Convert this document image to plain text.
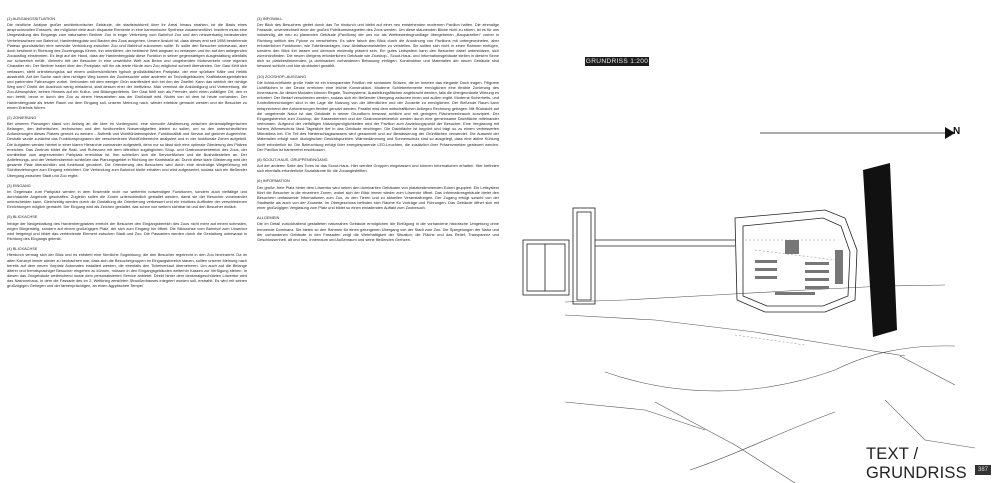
(1) AUSGANGSSITUATION
Die deutliche Analyse großer architektonischer Gebäude, die stadtstrukturell über ihr Areal hinaus strahlen, ist die Basis eines anspruchsvollen Entwurfs, der möglichst viele auch disparate Elemente in eine harmonische Synthese zusammenführt. Insofern muss eine Umgestaltung des Eingangs zum naturnahen Berliner Zoo in enger Vertretung vom Bahnhof Zoo und den netzwerkartig bedeutenden Verkehrsachsen von Bahnhof, Hardenbergplatz und Bauten des Zoos ausgehen. Unsere Ansicht ist, dass dieses erst seit 1958 bestehende Plateau grundsätzlich eine wertvolle Verbindung zwischen Zoo und Bahnhof zukommen sollte. Er sollte den Besucher unbewusst, aber doch bestimmt in Richtung des Zooeingangs führen, ihn orientieren, der hektische Welt langsam zu verlassen und ihn auf den anliegenden Zooausflug einstimmen. Es liegt auf der Hand, dass der Hardenbergplatz diese Funktion in seiner gegenwärtigen Ausgestaltung allenfalls nur schwerlich erfüllt. Vielmehr tritt der Besucher in eine unwirtliche Welt aus Beton und umgebenden Motorverkehr ohne eigenen Charakter ein. Der Berliner hastet über den Parkplatz; will ihn als letzte Hürde zum Zoo möglichst schnell überwinden. Der Gast fühlt sich verlassen, steht orientierungslos auf einem unübersichtlichen typisch großstädtischen Parkplatz, der eine spürbare Kälte und Hektik ausstrahlt. Auf der Suche nach dem richtigen Weg kommt der Zoobesucher unter anderem an Technikgebäuden, Kraftfahrzeugeinfahrten und parkenden Fahrzeugen vorbei. Verbunden mit dem weniger Grün manifestiert sich bei ihm der Zweifel: Kann das wirklich der richtige Weg sein? Direkt der Ausdruck wenig einladend, statt dessen eher der Ineffizienz. Man vermisst die Ankündigung und Vorbereitung, die Zoo-Atmosphäre, keinen Hinweis auf ein Kultur- und Bildungserlebnis. Der Gast fühlt sich als Fremder, sieht einen zufälligen Ort, den er nun betritt, bevor er durch den Zoo zu einem Heraustreten aus der Großstadt wird. Nichts von all dem ist heute vorhanden. Der Hardenbergplatz als letzter Raum vor dem Eingang soll, unserer Meinung nach, wieder erlebbar gemacht werden und die Besucher zu einem Erlebnis führen.
(2) ZONIERUNG
Bei unseren Planungen stand von Anfang an die Idee im Vordergrund, eine sinnvolle Abstimmung zwischen denkmalpflegerischen Belangen, den ästhetischen, technischen und den funktionellen Notwendigkeiten leisten zu sollen, um so den unterschiedlichen Anforderungen dieses Platzes gerecht zu werden – Ästhetik und Wohlfühlatmosphäre, Funktionalität und Service auf gleicher Augenhöhe. Deshalb wurde zunächst das Funktionsprogramm der verschiedenen Wohlfühlbereiche analysiert und in vier funktionale Zonen aufgeteilt. Die Aufgaben werden hierbei in einer klaren Hierarchie zueinander aufgestellt, denn nur so lässt sich eine optimale Gliederung des Platzes erreichen. Das Zentrum bildet die Rast- und Ruhezone mit dem öffentlich zugänglichen Shop- und Gastronomiebereich des Zoos, der unmittelbar vom angrenzenden Parkplatz erreichbar ist. Ihm schließen sich die Serviceflächen und die Bushaltestellen an. Der Anlieferungs- und der Verkehrsbereich schließen das Planungsgebiet in Richtung der Kantstraße ab. Durch diese klare Gliederung wird der gesamte Platz übersichtlich und funktional geordnet. Die Orientierung des Besuchers wird durch eine eindeutige Wegeführung mit Sichtbeziehungen zum Eingang erleichtert. Die Verbindung zum Bahnhof bleibt erhalten und wird aufgewertet, sodass sich ein fließender Übergang zwischen Stadt und Zoo ergibt.
(3) EINGANG
Im Gegensatz zum Parkplatz werden in dem Ensemble nicht nur weiterhin notwendigen Funktionen, sondern auch vielfältige und durchdachte Angebote geschaffen. Zugleich sollen die Zonen unterschiedlich gestaltet werden, damit sie der Besucher voneinander unterscheiden kann. Gleichzeitig werden durch die Gestaltung die Orientierung verbessert und ein intuitives Auffinden der verschiedenen Einrichtungen möglich gemacht. Der Eingang wird als Zeichen gestaltet, das schon von weitem sichtbar ist und den Besucher einlädt.
(5) BLICKACHSE
Infolge der Neugestaltung des Hardenbergplatzes erreicht der Besucher den Eingangsbereich des Zoos nicht mehr auf einem schmalen, engen Bürgersteig, sondern auf einem großzügigen Platz, der sich zum Eingang hin öffnet. Die Blickachse vom Bahnhof zum Löwentor wird freigelegt und bildet das verbindende Element zwischen Stadt und Zoo. Die Passanten werden durch die Gestaltung unbewusst in Richtung des Eingangs gelenkt.
(4) BLICKACHSE
Hierdurch vermag sich der Blick und es entsteht eine förmliche Sogwirkung, die den Besucher regelrecht in den Zoo hineinzieht. Da im alten Konzept immer wieder zu beobachten war, dass sich die Besuchergruppen im Eingangsbereich stauen, sollten unserer Meinung nach bereits auf dem neuen Vorplatz Automaten installiert werden, die ebenfalls den Ticketverkauf übernehmen. Um auch auf die Belange älterer und fremdsprachiger Besucher eingehen zu können, müssen in den Eingangsgebäuden weiterhin Kassen zur Verfügung stehen. In diesen das Zoogebäude weitreichend sowie dem personalisierten Service anbietet. Direkt hinter dem denkmalgeschützten Löwentor wird das Nashornhaus, in dem die Fassade des im 2. Weltkrieg zerstörten Straußenhauses integriert worden soll, erstrahlt. Es wird mit seinen großzügigen Gehegen und der farbenprächtigen, an einen ägyptischen Tempel
(3) INFOWALL
Der Blick des Besuchers gleitet durch das Tor hindurch und bleibt auf einer neu entstehenden modernen Pavillon haften. Die einmalige Fassade, unverwechselt einer der großen Publikumsmagneten des Zoos werden. Um diese staunenden Blicke nicht zu stören, ist es für uns notwendig, die neu zu planenden Gebäude (Pavillons) der uns vor als Wettbewerbsgrundlage übergebenen „Bauparzellen“ vorher in Richtung seitlich des Pylone zu verschieben. Es wäre falsch den Blick durch die Anordnung von Pavillons mit untergeordneten, aber erforderlichen Funktionen, wie Toilettenanlagen, bzw. Abfallsammelstellen zu verstellen. Sie sollten sich nicht in einen Rahmen einfügen, sondern den Blick frei lassen und dennoch eindeutig präsent sein. Ein gutes Leitsystem kann den Besucher dabei unterstützen, sich zurechtzufinden. Die neuen übrigens erforderlichen Gebäude wie Zooshop-, Scout-Haus- und Informationsgebäude stellen in diesem Sinne dich so platzbestimmenden, ja dominanten vorhandenen Bebauung einfügen. Konstruktion und Materialien der neuen Gebäude sind bewusst schlicht und klar strukturiert gewählt.
(10) ZOOSHOP–AUSGANG
Die lichtdurchflutete große Halle ist ein transparenter Pavillon mit schlanken Stützen, die im Inneren das elegante Dach tragen. Filigrane Lichtflächen in der Decke erreichen eine leichte Konstruktion. Moderne Schiebeelemente ermöglichen eine flexible Zonierung des Innenraums. An diesen Modalen können Regale, Tischsysteme, Ausstellungsflächen angebracht werden, falls die übergeordnete Wirkung es erfordert. Der Bedarf verschieden werden, sodass sich ein fließender Übergang zwischen innen und außen ergibt. Moderne Sicherheits- und Kontrolleinrichtungen sind in der Lage die Nutzung von der öffentlichen und der Zooseite zu ermöglichen. Der fließende Raum kann entsprechend den Anforderungen flexibel genutzt werden. Parallel wird dem wirtschaftlichen Anliegen Rechnung getragen. Mit Rücksicht auf die umgebende Natur ist das Gebäude in seiner Grundform bewusst schlicht und mit geringem Flächenverbrauch konzipiert. Der Eingangsbereich zum Zooshop, der Kassenbereich und der Gastronomiebereich werden durch eine gemeinsame Dachfläche miteinander verbunden. Aufgrund der vielfältigen Nutzungsmöglichkeiten wird der Pavillon zum Anziehungspunkt der Besucher. Eine Verglasung mit hohem Wärmeschutz lässt Tageslicht tief in das Gebäude eindringen. Die Dachfläche ist begrünt und trägt so zu einem verbesserten Mikroklima bei. Ein Teil des Niederschlagswassers wird gesammelt und zur Bewässerung der Grünflächen verwendet. Die Auswahl der Materialien erfolgt nach ökologischen Gesichtspunkten. Wärmedämmung und Sonnenschutz sind so ausgelegt, dass eine aktive Kühlung nicht erforderlich ist. Die Beleuchtung erfolgt über energiesparende LED-Leuchten, die zusätzlich über Präsenzmelder gesteuert werden. Der Pavillon ist barrierefrei erschlossen.
(8) SCOUT-HAUS, GRUPPENEINGANG
Auf der anderen Seite des Tores ist das Scout-Haus. Hier werden Gruppen eingelassen und können Informationen erhalten. Hier befinden sich ebenfalls erforderliche Sozialräume für die Zooangestellten.
(6) INFORMATION
Der große, freie Platz hinter dem Löwentor wird neben den dominanten Gebäuden von platzbestimmenden Ecken gruppiert. Ein Leitsystem führt die Besucher in die einzelnen Zonen, wobei sich der Blick immer wieder zum Löwentor öffnet. Das Informationsgebäude bietet den Besuchern umfassende Informationen zum Zoo, zu den Tieren und zu aktuellen Veranstaltungen. Der Zugang erfolgt sowohl von der Stadtseite als auch von der Zooseite. Im Obergeschoss befinden sich Räume für Vorträge und Führungen. Das Gebäude öffnet sich mit einer großzügigen Verglasung zum Platz und bildet so einen einladenden Auftakt zum Zoobesuch.
ALLGEMEIN
Die im Detail zurückhaltend gestalteten naturnahen Gebäude ermöglichen die Einfügung in die vorhandene historische Umgebung ohne trennende Dominanz. Sie bieten so den Rahmen für einen gelungenen Übergang von der Stadt zum Zoo. Die Spiegelungen der Natur und der vorhandenen Gebäude in den Fassaden zeigt die Wehrhaftigkeit der Situation; die Fläche und das Relief, Transparenz und Geschlossenheit, alt und neu, Innenraum und Außenraum und seine fließenden Grenzen.
GRUNDRISS 1:200
N
TEXT / GRUNDRISS	387
